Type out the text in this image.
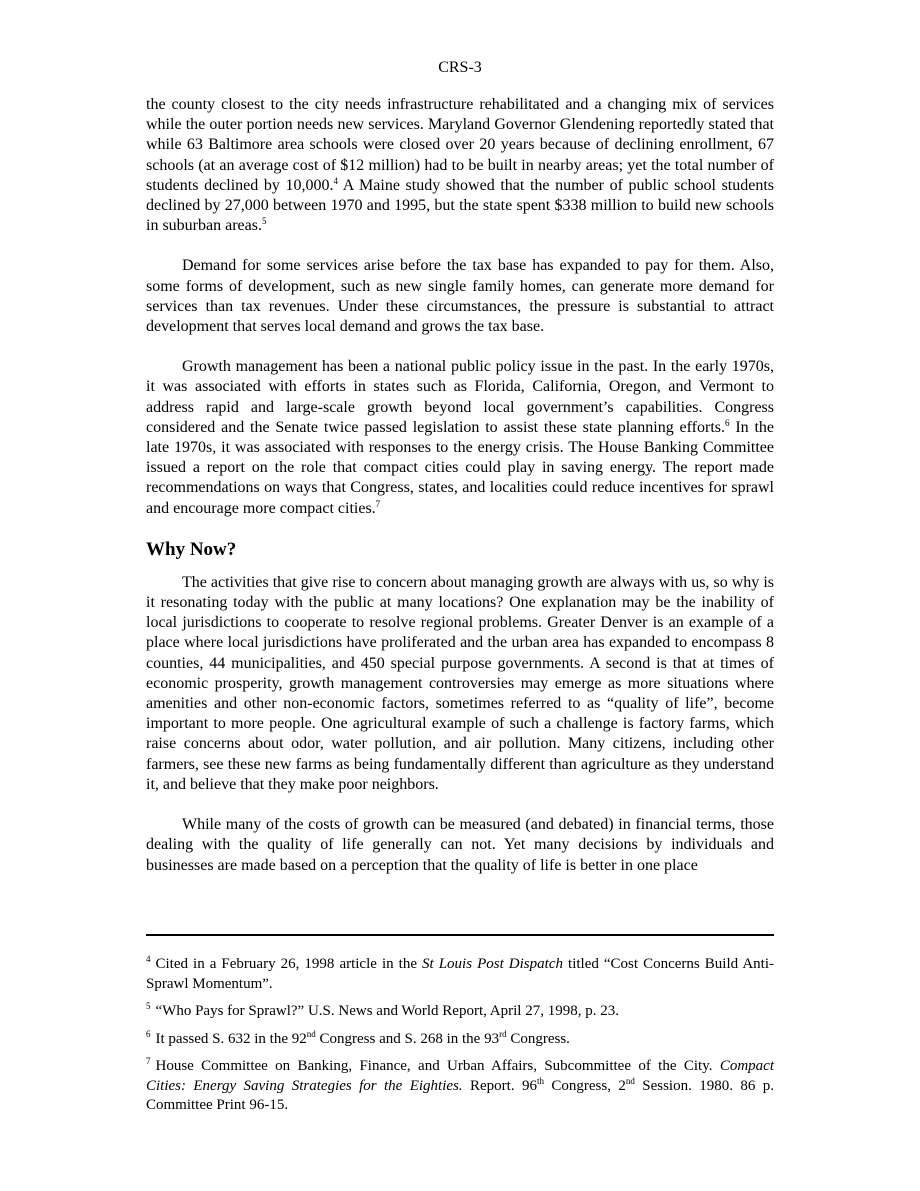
CRS-3

the county closest to the city needs infrastructure rehabilitated and a changing mix of services while the outer portion needs new services. Maryland Governor Glendening reportedly stated that while 63 Baltimore area schools were closed over 20 years because of declining enrollment, 67 schools (at an average cost of $12 million) had to be built in nearby areas; yet the total number of students declined by 10,000.$^4$ A Maine study showed that the number of public school students declined by 27,000 between 1970 and 1995, but the state spent $338 million to build new schools in suburban areas.$^5$

Demand for some services arise before the tax base has expanded to pay for them. Also, some forms of development, such as new single family homes, can generate more demand for services than tax revenues. Under these circumstances, the pressure is substantial to attract development that serves local demand and grows the tax base.

Growth management has been a national public policy issue in the past. In the early 1970s, it was associated with efforts in states such as Florida, California, Oregon, and Vermont to address rapid and large-scale growth beyond local government’s capabilities. Congress considered and the Senate twice passed legislation to assist these state planning efforts.$^6$ In the late 1970s, it was associated with responses to the energy crisis. The House Banking Committee issued a report on the role that compact cities could play in saving energy. The report made recommendations on ways that Congress, states, and localities could reduce incentives for sprawl and encourage more compact cities.$^7$

Why Now?

The activities that give rise to concern about managing growth are always with us, so why is it resonating today with the public at many locations? One explanation may be the inability of local jurisdictions to cooperate to resolve regional problems. Greater Denver is an example of a place where local jurisdictions have proliferated and the urban area has expanded to encompass 8 counties, 44 municipalities, and 450 special purpose governments. A second is that at times of economic prosperity, growth management controversies may emerge as more situations where amenities and other non-economic factors, sometimes referred to as “quality of life”, become important to more people. One agricultural example of such a challenge is factory farms, which raise concerns about odor, water pollution, and air pollution. Many citizens, including other farmers, see these new farms as being fundamentally different than agriculture as they understand it, and believe that they make poor neighbors.

While many of the costs of growth can be measured (and debated) in financial terms, those dealing with the quality of life generally can not. Yet many decisions by individuals and businesses are made based on a perception that the quality of life is better in one place

$^4$ Cited in a February 26, 1998 article in the St Louis Post Dispatch titled “Cost Concerns Build Anti-Sprawl Momentum”.

$^5$ “Who Pays for Sprawl?” U.S. News and World Report, April 27, 1998, p. 23.

$^6$ It passed S. 632 in the 92nd Congress and S. 268 in the 93rd Congress.

$^7$ House Committee on Banking, Finance, and Urban Affairs, Subcommittee of the City. Compact Cities: Energy Saving Strategies for the Eighties. Report. 96th Congress, 2nd Session. 1980. 86 p. Committee Print 96-15.
